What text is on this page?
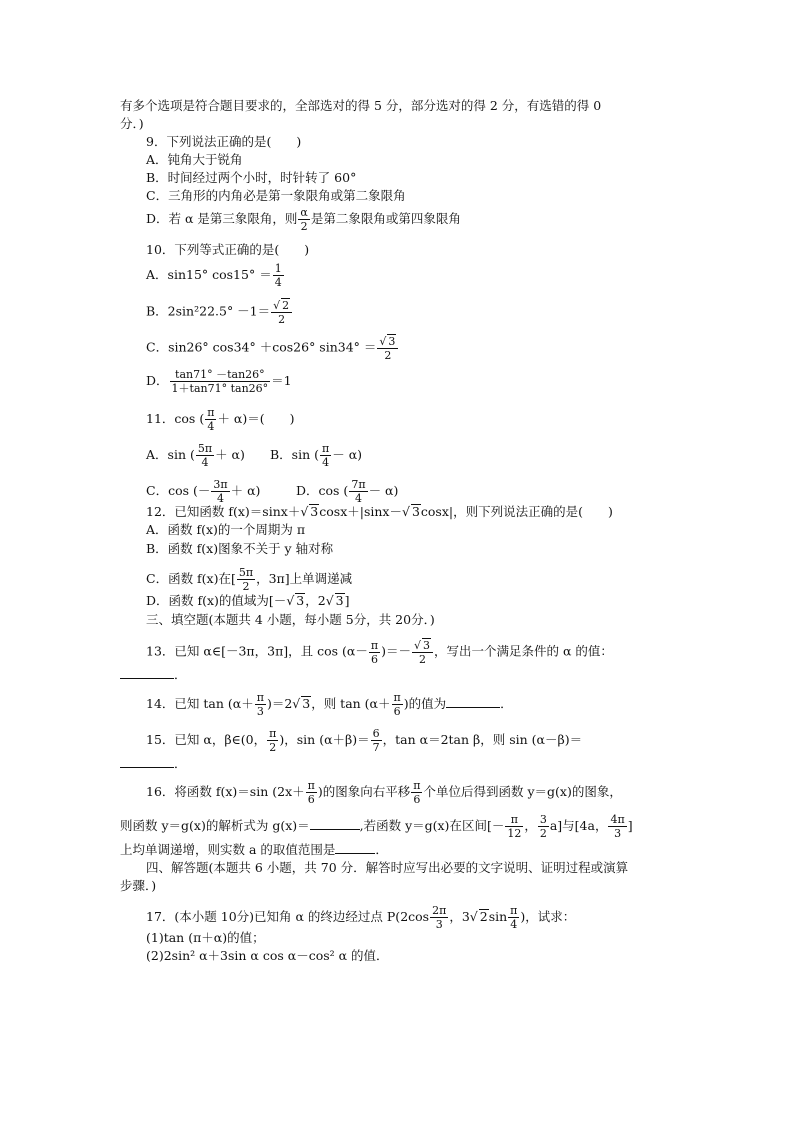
有多个选项是符合题目要求的，全部选对的得 5 分，部分选对的得 2 分，有选错的得 0
分．)
9．下列说法正确的是(　　)
A．钝角大于锐角
B．时间经过两个小时，时针转了 60°
C．三角形的内角必是第一象限角或第二象限角
D．若 α 是第三象限角，则 $\frac{\alpha}{2}$ 是第二象限角或第四象限角
10．下列等式正确的是(　　)
A．sin15° $\cos 15^\circ = \frac{1}{4}$
B．$2\sin^222.5^\circ -1= \frac{√ 2}{2}$
C．sin26° cos34° ＋cos26° $\sin 34^\circ = \frac{√ 3}{2}$
D． $\frac{\tan 71^\circ -\tan 26^\circ}{1+\tan 71^\circ \tan 26^\circ} =1$
11．cos ( $\frac{\pi}{4} + \alpha)=$(　　)
A．sin ( $\frac{5\pi}{4} + \alpha$) B．sin ( $\frac{\pi}{4} - \alpha$)
C．cos (－ $\frac{3\pi}{4} + \alpha$)	D．cos ( $\frac{7\pi}{4} - \alpha$)
12．已知函数 f(x)＝sinx＋√ 3cosx＋|sinx－√ 3cosx|，则下列说法正确的是(　　)
A．函数 f(x)的一个周期为 π
B．函数 f(x)图象不关于 y 轴对称
C．函数 f(x)在[ $\frac{5\pi}{2}$ ，3π]上单调递减
D．函数 f(x)的值域为[－√ 3，2√ 3]
三、填空题(本题共 4 小题，每小题 5分，共 20分．)
13．已知 α∈[－3π，3π]，且 $\cos (\alpha- \frac{\pi}{6}$ )＝－ $\frac{√ 3}{2}$ ，写出一个满足条件的 α 的值：
．
14．已知 $\tan (\alpha+ \frac{\pi}{3} )=2√$ 3，则 $\tan (\alpha+ \frac{\pi}{6}$ )的值为	．
15．已知 α，β∈(0， $\frac{\pi}{2}$ )，$\sin (\alpha+\beta)= \frac{6}{7}$ ，tan α＝2tan β，则 sin (α－β)＝
．
16．将函数 f(x)＝sin ($2x+ \frac{\pi}{6}$ )的图象向右平移 $\frac{\pi}{6}$ 个单位后得到函数 y＝g(x)的图象，
则函数 y＝g(x)的解析式为 g(x)＝	,若函数 y＝g(x)在区间[－ $\frac{\pi}{12}$ ， $\frac{3}{2} a$]与[4a， $\frac{4\pi}{3}$ ]
上均单调递增，则实数 a 的取值范围是	．
四、解答题(本题共 6 小题，共 70 分．解答时应写出必要的文字说明、证明过程或演算
步骤．)
17．(本小题 10分)已知角 α 的终边经过点 $P(2\cos \frac{2\pi}{3}$ ，3√ $2\sin \frac{\pi}{4}$ )，试求：
(1)tan (π＋α)的值；
(2)2sin² α＋3sin α cos α－cos² α 的值．
